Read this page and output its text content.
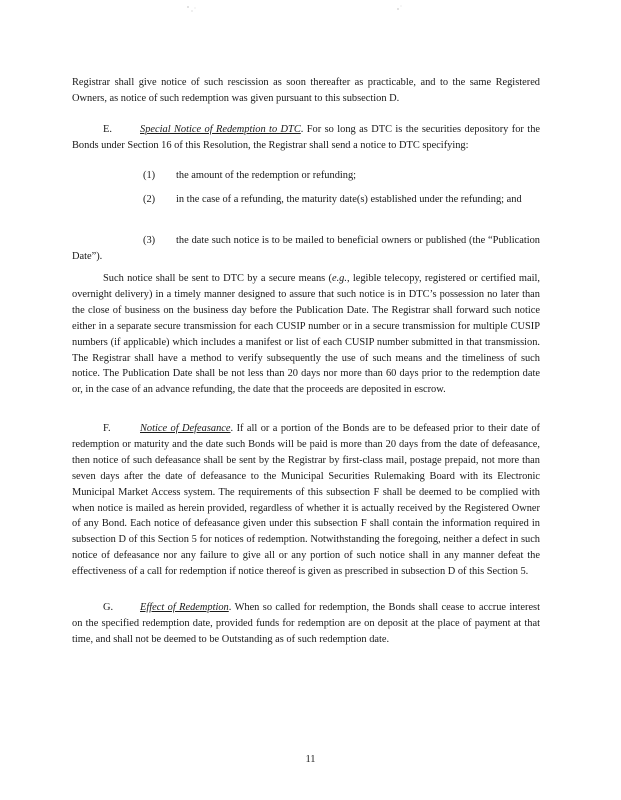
Registrar shall give notice of such rescission as soon thereafter as practicable, and to the same Registered Owners, as notice of such redemption was given pursuant to this subsection D.

E.	Special Notice of Redemption to DTC. For so long as DTC is the securities depository for the Bonds under Section 16 of this Resolution, the Registrar shall send a notice to DTC specifying:

(1) the amount of the redemption or refunding;

(2) in the case of a refunding, the maturity date(s) established under the refunding; and

(3) the date such notice is to be mailed to beneficial owners or published (the “Publication Date”).

Such notice shall be sent to DTC by a secure means (e.g., legible telecopy, registered or certified mail, overnight delivery) in a timely manner designed to assure that such notice is in DTC’s possession no later than the close of business on the business day before the Publication Date. The Registrar shall forward such notice either in a separate secure transmission for each CUSIP number or in a secure transmission for multiple CUSIP numbers (if applicable) which includes a manifest or list of each CUSIP number submitted in that transmission. The Registrar shall have a method to verify subsequently the use of such means and the timeliness of such notice. The Publication Date shall be not less than 20 days nor more than 60 days prior to the redemption date or, in the case of an advance refunding, the date that the proceeds are deposited in escrow.

F.	Notice of Defeasance. If all or a portion of the Bonds are to be defeased prior to their date of redemption or maturity and the date such Bonds will be paid is more than 20 days from the date of defeasance, then notice of such defeasance shall be sent by the Registrar by first-class mail, postage prepaid, not more than seven days after the date of defeasance to the Municipal Securities Rulemaking Board with its Electronic Municipal Market Access system. The requirements of this subsection F shall be deemed to be complied with when notice is mailed as herein provided, regardless of whether it is actually received by the Registered Owner of any Bond. Each notice of defeasance given under this subsection F shall contain the information required in subsection D of this Section 5 for notices of redemption. Notwithstanding the foregoing, neither a defect in such notice of defeasance nor any failure to give all or any portion of such notice shall in any manner defeat the effectiveness of a call for redemption if notice thereof is given as prescribed in subsection D of this Section 5.

G.	Effect of Redemption. When so called for redemption, the Bonds shall cease to accrue interest on the specified redemption date, provided funds for redemption are on deposit at the place of payment at that time, and shall not be deemed to be Outstanding as of such redemption date.

11
